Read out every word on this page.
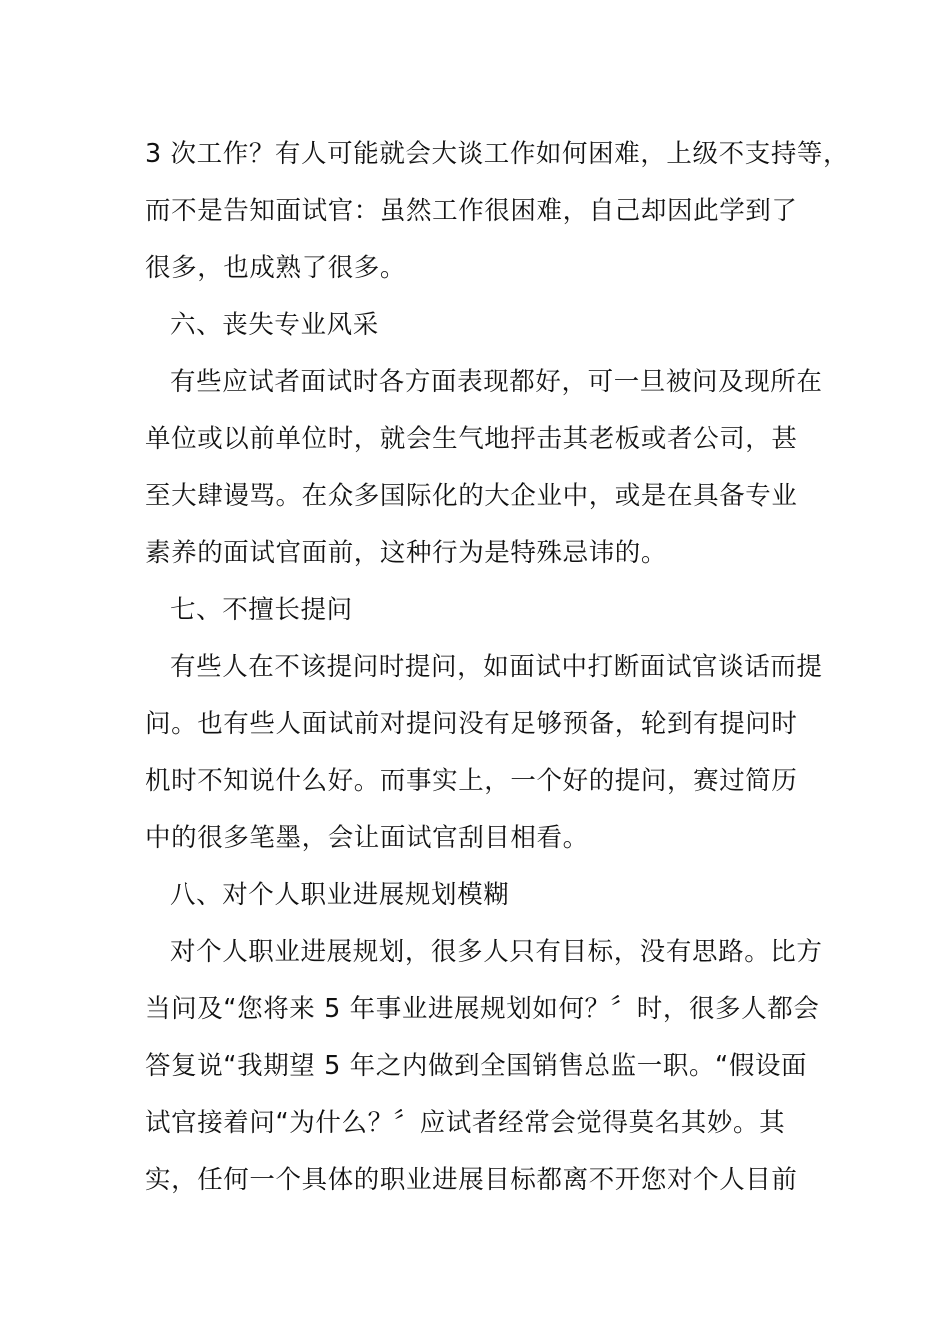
3 次工作？有人可能就会大谈工作如何困难，上级不支持等，

而不是告知面试官：虽然工作很困难，自己却因此学到了

很多，也成熟了很多。

六、丧失专业风采

有些应试者面试时各方面表现都好，可一旦被问及现所在

单位或以前单位时，就会生气地抨击其老板或者公司，甚

至大肆谩骂。在众多国际化的大企业中，或是在具备专业

素养的面试官面前，这种行为是特殊忌讳的。

七、不擅长提问

有些人在不该提问时提问，如面试中打断面试官谈话而提

问。也有些人面试前对提问没有足够预备，轮到有提问时

机时不知说什么好。而事实上，一个好的提问，赛过简历

中的很多笔墨，会让面试官刮目相看。

八、对个人职业进展规划模糊

对个人职业进展规划，很多人只有目标，没有思路。比方

当问及“您将来 5 年事业进展规划如何？〞时，很多人都会

答复说“我期望 5 年之内做到全国销售总监一职。“假设面

试官接着问“为什么？〞应试者经常会觉得莫名其妙。其

实，任何一个具体的职业进展目标都离不开您对个人目前
